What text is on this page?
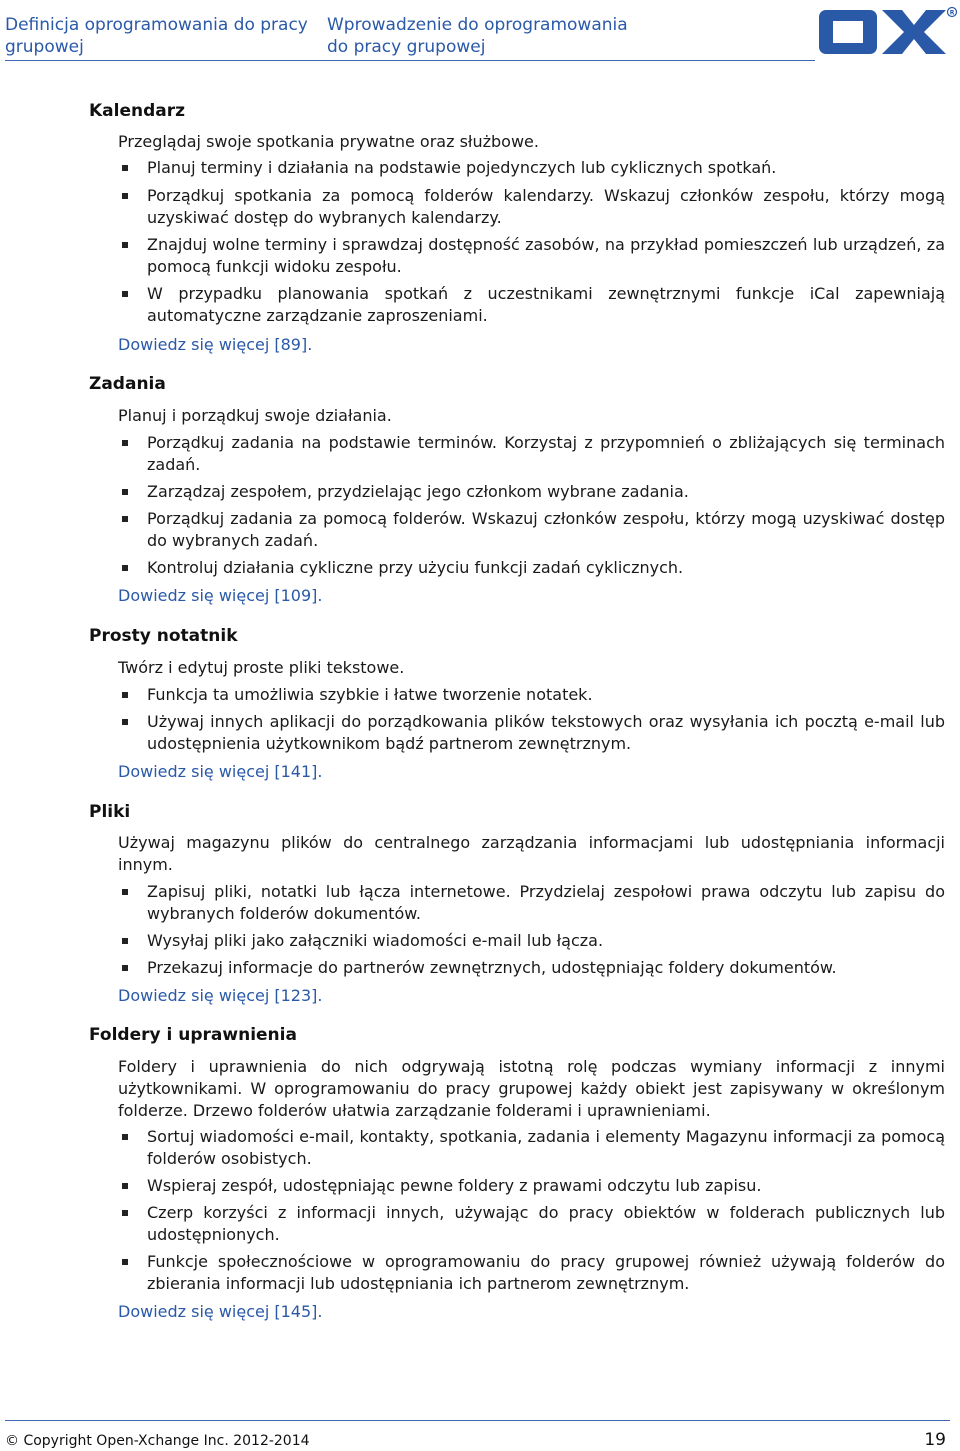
Definicja oprogramowania do pracy grupowej
Wprowadzenie do oprogramowania do pracy grupowej
R
Kalendarz

Przeglądaj swoje spotkania prywatne oraz służbowe.

Planuj terminy i działania na podstawie pojedynczych lub cyklicznych spotkań.
Porządkuj spotkania za pomocą folderów kalendarzy. Wskazuj członków zespołu, którzy mogą uzyskiwać dostęp do wybranych kalendarzy.
Znajduj wolne terminy i sprawdzaj dostępność zasobów, na przykład pomieszczeń lub urządzeń, za pomocą funkcji widoku zespołu.
W przypadku planowania spotkań z uczestnikami zewnętrznymi funkcje iCal zapewniają automatyczne zarządzanie zaproszeniami.
Dowiedz się więcej [89].
Zadania

Planuj i porządkuj swoje działania.

Porządkuj zadania na podstawie terminów. Korzystaj z przypomnień o zbliżających się terminach zadań.
Zarządzaj zespołem, przydzielając jego członkom wybrane zadania.
Porządkuj zadania za pomocą folderów. Wskazuj członków zespołu, którzy mogą uzyskiwać dostęp do wybranych zadań.
Kontroluj działania cykliczne przy użyciu funkcji zadań cyklicznych.
Dowiedz się więcej [109].
Prosty notatnik

Twórz i edytuj proste pliki tekstowe.

Funkcja ta umożliwia szybkie i łatwe tworzenie notatek.
Używaj innych aplikacji do porządkowania plików tekstowych oraz wysyłania ich pocztą e-mail lub udostępnienia użytkownikom bądź partnerom zewnętrznym.
Dowiedz się więcej [141].
Pliki

Używaj magazynu plików do centralnego zarządzania informacjami lub udostępniania informacji innym.

Zapisuj pliki, notatki lub łącza internetowe. Przydzielaj zespołowi prawa odczytu lub zapisu do wybranych folderów dokumentów.
Wysyłaj pliki jako załączniki wiadomości e-mail lub łącza.
Przekazuj informacje do partnerów zewnętrznych, udostępniając foldery dokumentów.
Dowiedz się więcej [123].
Foldery i uprawnienia

Foldery i uprawnienia do nich odgrywają istotną rolę podczas wymiany informacji z innymi użytkownikami. W oprogramowaniu do pracy grupowej każdy obiekt jest zapisywany w określonym folderze. Drzewo folderów ułatwia zarządzanie folderami i uprawnieniami.

Sortuj wiadomości e-mail, kontakty, spotkania, zadania i elementy Magazynu informacji za pomocą folderów osobistych.
Wspieraj zespół, udostępniając pewne foldery z prawami odczytu lub zapisu.
Czerp korzyści z informacji innych, używając do pracy obiektów w folderach publicznych lub udostępnionych.
Funkcje społecznościowe w oprogramowaniu do pracy grupowej również używają folderów do zbierania informacji lub udostępniania ich partnerom zewnętrznym.
Dowiedz się więcej [145].
© Copyright Open-Xchange Inc. 2012-2014	19
